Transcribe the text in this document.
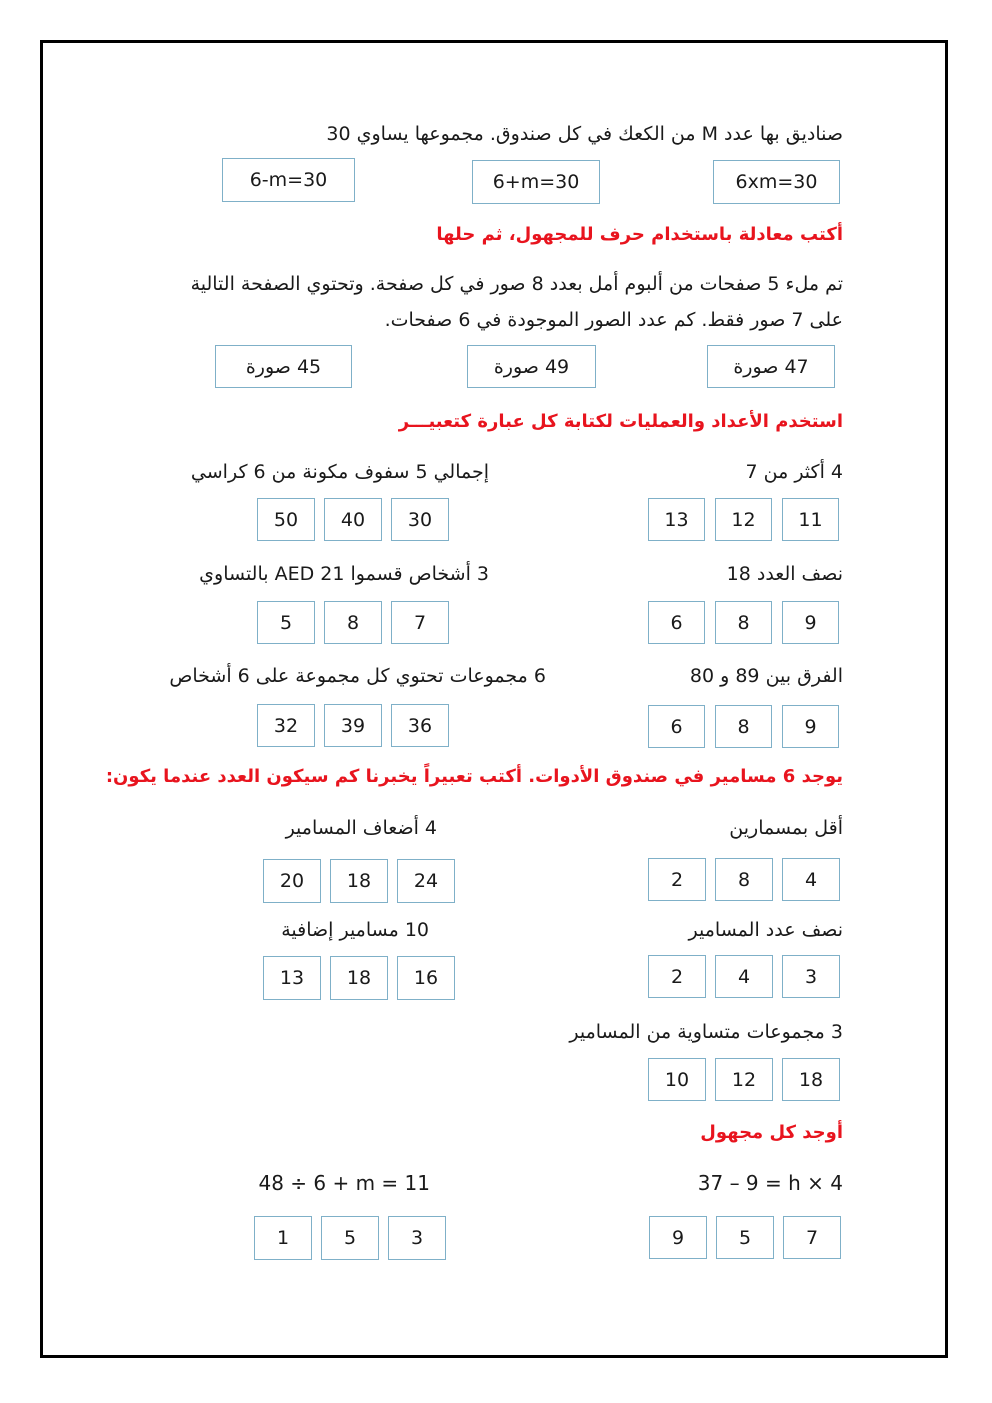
صناديق بها عدد M من الكعك في كل صندوق. مجموعها يساوي 30
6xm=30
6+m=30
6-m=30
أكتب معادلة باستخدام حرف للمجهول، ثم حلها
تم ملء 5 صفحات من ألبوم أمل بعدد 8 صور في كل صفحة. وتحتوي الصفحة التالية
على 7 صور فقط. كم عدد الصور الموجودة في 6 صفحات.
47 صورة
49 صورة
45 صورة
استخدم الأعداد والعمليات لكتابة كل عبارة كتعبيـــر
4 أكثر من 7
إجمالي 5 سفوف مكونة من 6 كراسي
11
12
13
30
40
50
نصف العدد 18
3 أشخاص قسموا AED 21 بالتساوي
9
8
6
7
8
5
الفرق بين 89 و 80
6 مجموعات تحتوي كل مجموعة على 6 أشخاص
9
8
6
36
39
32
يوجد 6 مسامير في صندوق الأدوات. أكتب تعبيراً يخبرنا كم سيكون العدد عندما يكون:
أقل بمسمارين
4 أضعاف المسامير
4
8
2
24
18
20
نصف عدد المسامير
10 مسامير إضافية
3
4
2
16
18
13
3 مجموعات متساوية من المسامير
18
12
10
أوجد كل مجهول
37 – 9 = h × 4
48 ÷ 6 + m = 11
7
5
9
3
5
1
